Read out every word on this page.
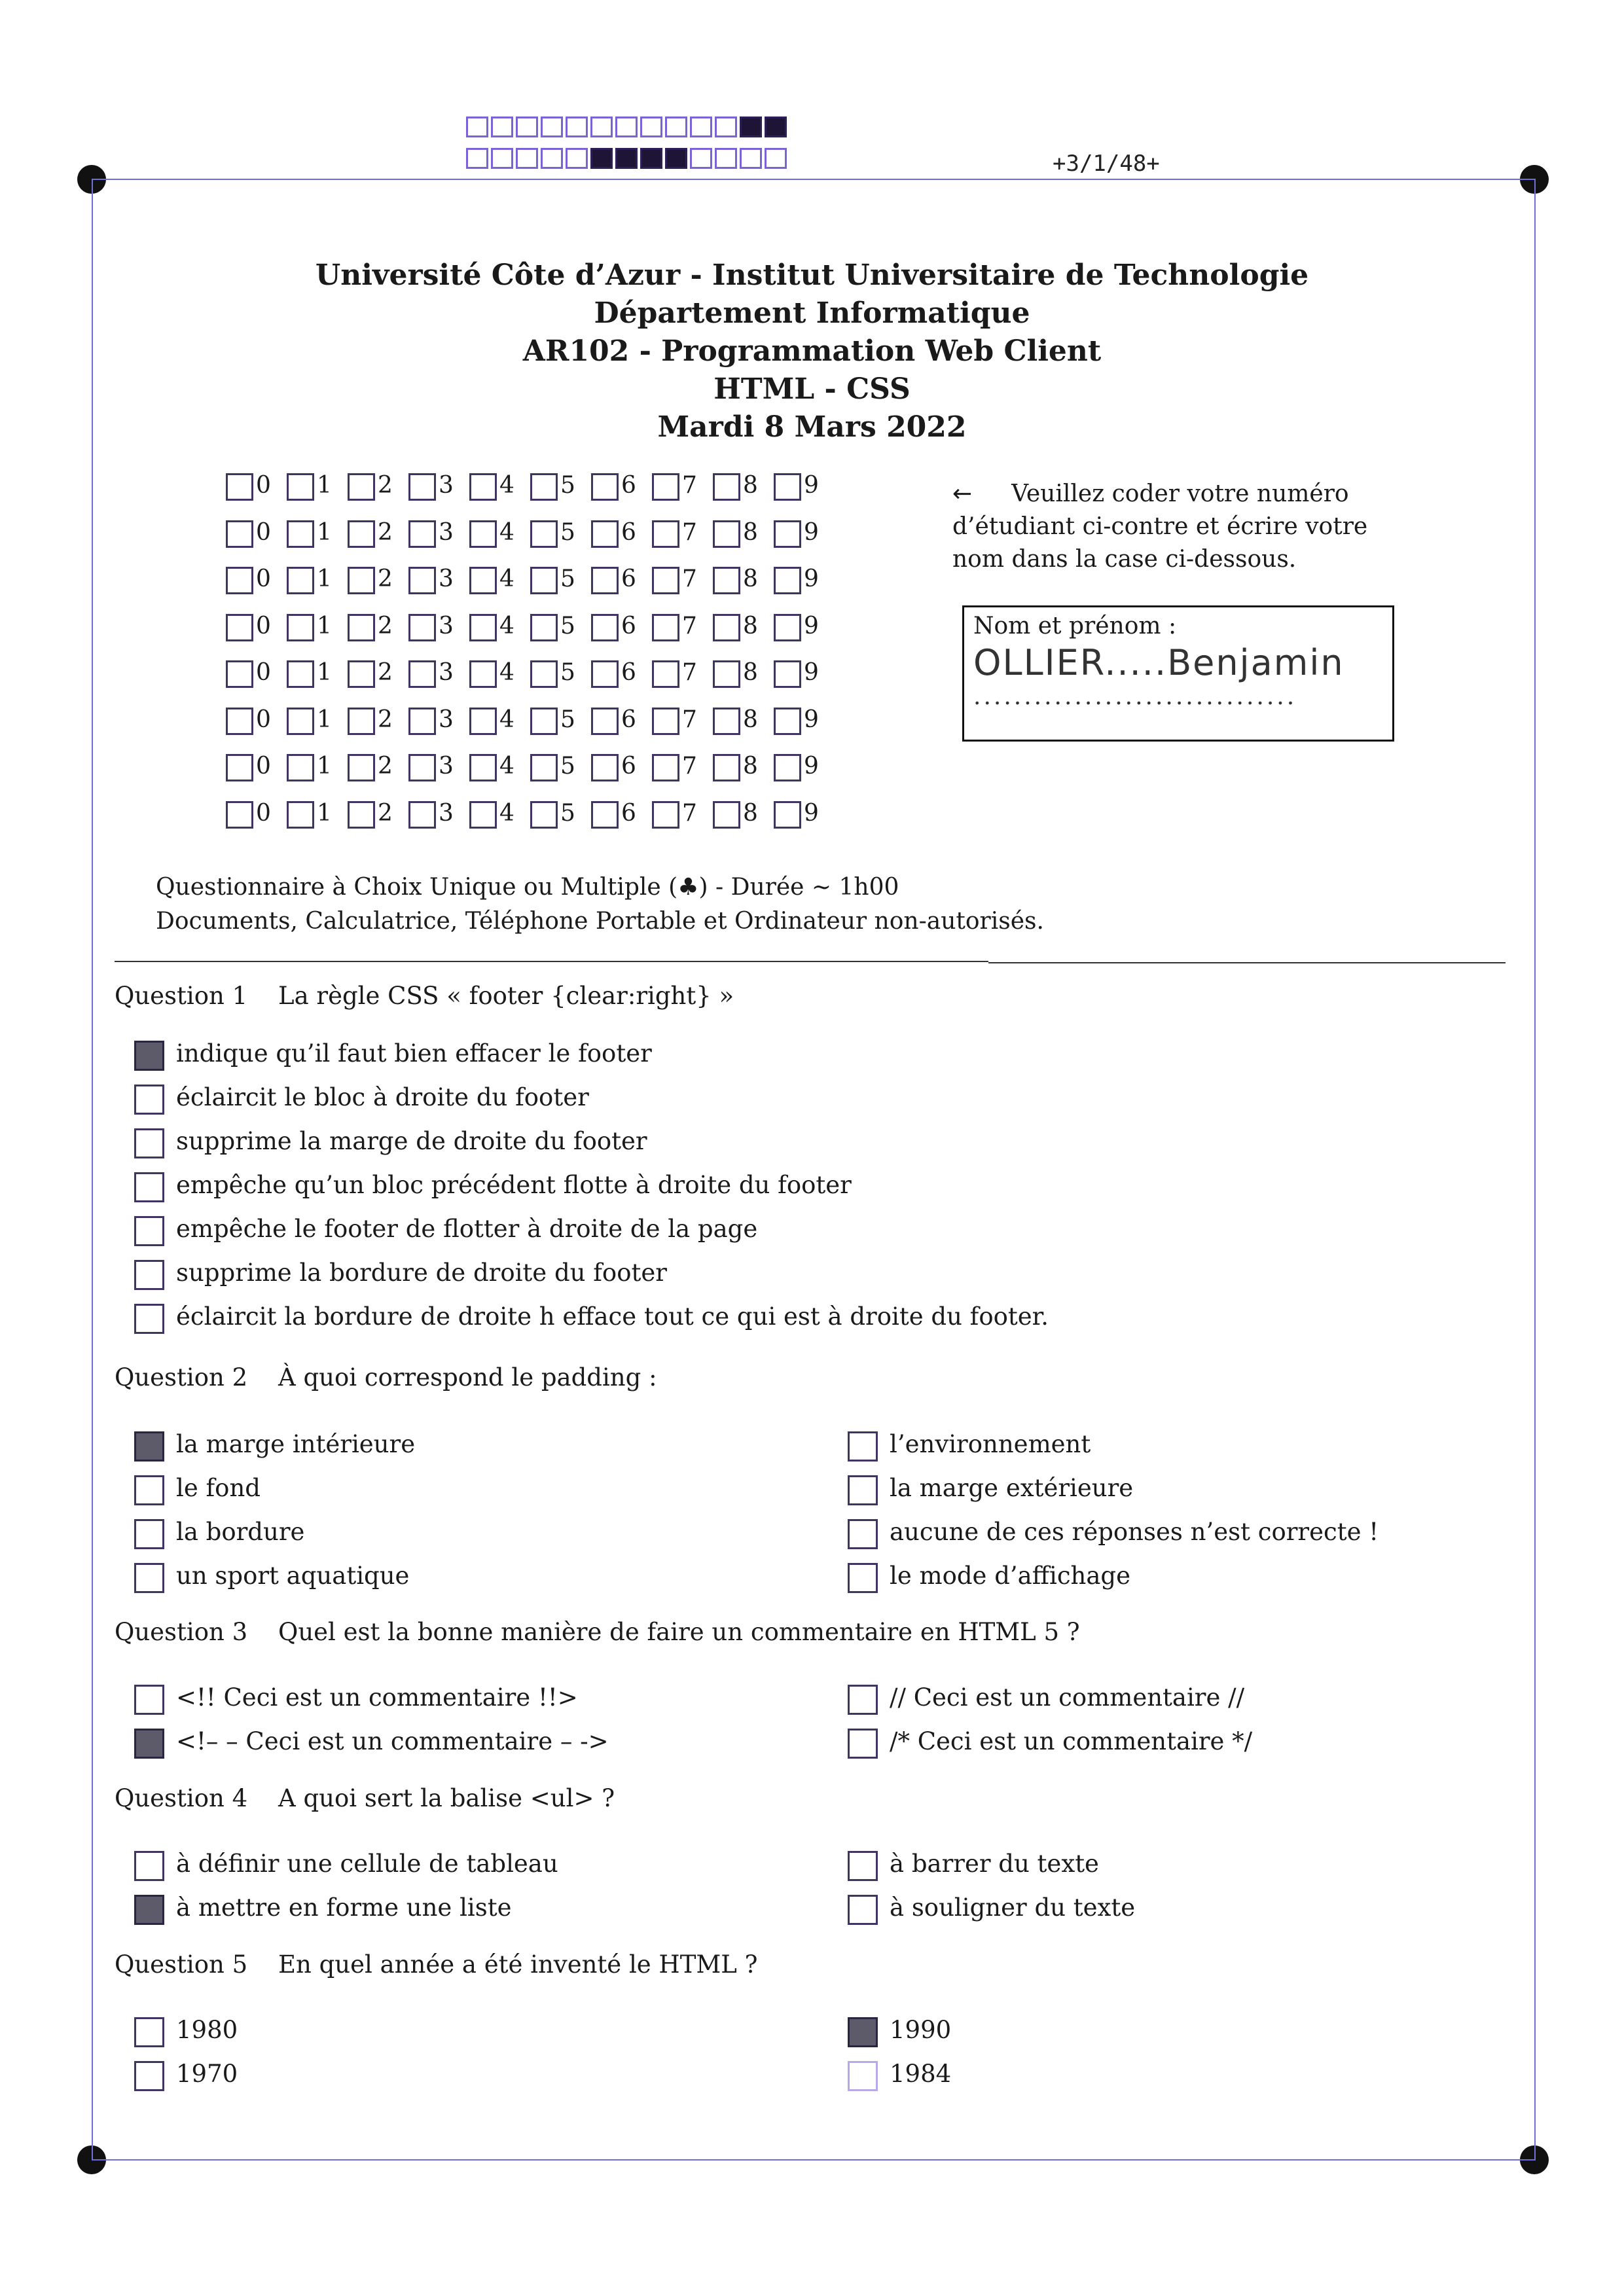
+3/1/48+
Université Côte d’Azur - Institut Universitaire de Technologie
Département Informatique
AR102 - Programmation Web Client
HTML - CSS
Mardi 8 Mars 2022
0 1 2 3 4 5 6 7 8 9
0 1 2 3 4 5 6 7 8 9
0 1 2 3 4 5 6 7 8 9
0 1 2 3 4 5 6 7 8 9
0 1 2 3 4 5 6 7 8 9
0 1 2 3 4 5 6 7 8 9
0 1 2 3 4 5 6 7 8 9
0 1 2 3 4 5 6 7 8 9
← Veuillez coder votre numéro d’étudiant ci-contre et écrire votre nom dans la case ci-dessous.
Nom et prénom :
OLLIER.....Benjamin
................................
Questionnaire à Choix Unique ou Multiple (♣) - Durée ~ 1h00
Documents, Calculatrice, Téléphone Portable et Ordinateur non-autorisés.
Question 1 La règle CSS « footer {clear:right} »
indique qu’il faut bien effacer le footer
éclaircit le bloc à droite du footer
supprime la marge de droite du footer
empêche qu’un bloc précédent flotte à droite du footer
empêche le footer de flotter à droite de la page
supprime la bordure de droite du footer
éclaircit la bordure de droite h efface tout ce qui est à droite du footer.
Question 2 À quoi correspond le padding :
la marge intérieure
le fond
la bordure
un sport aquatique
l’environnement
la marge extérieure
aucune de ces réponses n’est correcte !
le mode d’affichage
Question 3 Quel est la bonne manière de faire un commentaire en HTML 5 ?
<!! Ceci est un commentaire !!>
<!– – Ceci est un commentaire – ->
// Ceci est un commentaire //
/* Ceci est un commentaire */
Question 4 A quoi sert la balise <ul> ?
à définir une cellule de tableau
à mettre en forme une liste
à barrer du texte
à souligner du texte
Question 5 En quel année a été inventé le HTML ?
1980
1970
1990
1984
